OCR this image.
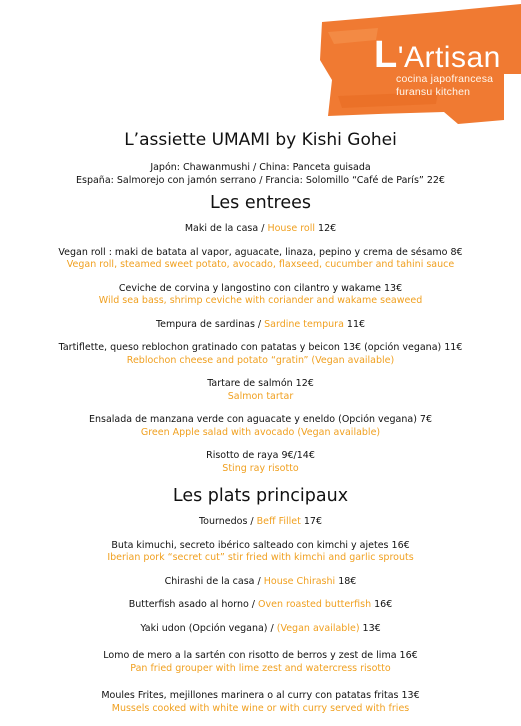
L'Artisan
cocina japofrancesa
furansu kitchen
L’assiette UMAMI by Kishi Gohei

Japón: Chawanmushi / China: Panceta guisada

España: Salmorejo con jamón serrano / Francia: Solomillo “Café de París” 22€

Les entrees

Maki de la casa / House roll 12€

Vegan roll : maki de batata al vapor, aguacate, linaza, pepino y crema de sésamo 8€

Vegan roll, steamed sweet potato, avocado, flaxseed, cucumber and tahini sauce

Ceviche de corvina y langostino con cilantro y wakame 13€

Wild sea bass, shrimp ceviche with coriander and wakame seaweed

Tempura de sardinas / Sardine tempura 11€

Tartiflette, queso reblochon gratinado con patatas y beicon 13€ (opción vegana) 11€

Reblochon cheese and potato “gratin” (Vegan available)

Tartare de salmón 12€

Salmon tartar

Ensalada de manzana verde con aguacate y eneldo (Opción vegana) 7€

Green Apple salad with avocado (Vegan available)

Risotto de raya 9€/14€

Sting ray risotto

Les plats principaux

Tournedos / Beff Fillet 17€

Buta kimuchi, secreto ibérico salteado con kimchi y ajetes 16€

Iberian pork “secret cut” stir fried with kimchi and garlic sprouts

Chirashi de la casa / House Chirashi 18€

Butterfish asado al horno / Oven roasted butterfish 16€

Yaki udon (Opción vegana) / (Vegan available) 13€

Lomo de mero a la sartén con risotto de berros y zest de lima 16€

Pan fried grouper with lime zest and watercress risotto

Moules Frites, mejillones marinera o al curry con patatas fritas 13€

Mussels cooked with white wine or with curry served with fries
